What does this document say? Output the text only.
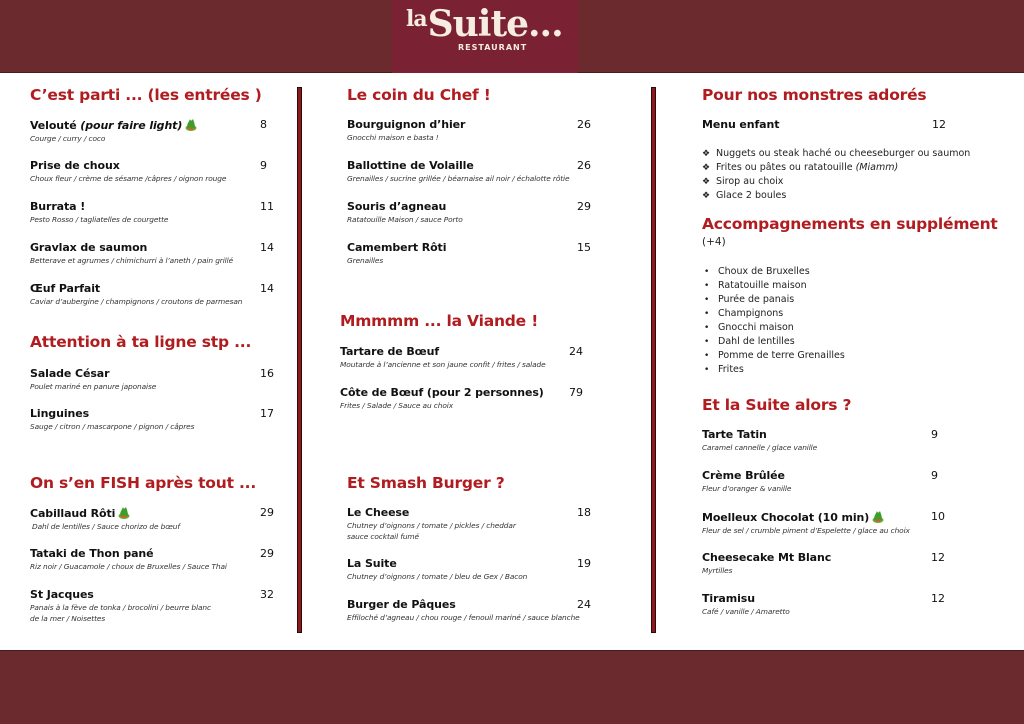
laSuite...
RESTAURANT
C’est parti ... (les entrées )
Velouté (pour faire light)
Courge / curry / coco
8
Prise de choux
Choux fleur / crème de sésame /câpres / oignon rouge
9
Burrata !
Pesto Rosso / tagliatelles de courgette
11
Gravlax de saumon
Betterave et agrumes / chimichurri à l’aneth / pain grillé
14
Œuf Parfait
Caviar d’aubergine / champignons / croutons de parmesan
14
Attention à ta ligne stp ...
Salade César
Poulet mariné en panure japonaise
16
Linguines
Sauge / citron / mascarpone / pignon / câpres
17
On s’en FISH après tout ...
Cabillaud Rôti
Dahl de lentilles / Sauce chorizo de bœuf
29
Tataki de Thon pané
Riz noir / Guacamole / choux de Bruxelles / Sauce Thai
29
St Jacques
Panais à la fève de tonka / brocolini / beurre blanc
de la mer / Noisettes
32
Le coin du Chef !
Bourguignon d’hier
Gnocchi maison e basta !
26
Ballottine de Volaille
Grenailles / sucrine grillée / béarnaise ail noir / échalotte rôtie
26
Souris d’agneau
Ratatouille Maison / sauce Porto
29
Camembert Rôti
Grenailles
15
Mmmmm ... la Viande !
Tartare de Bœuf
Moutarde à l’ancienne et son jaune confit / frites / salade
24
Côte de Bœuf (pour 2 personnes)
Frites / Salade / Sauce au choix
79
Et Smash Burger ?
Le Cheese
Chutney d’oignons / tomate / pickles / cheddar
sauce cocktail fumé
18
La Suite
Chutney d’oignons / tomate / bleu de Gex / Bacon
19
Burger de Pâques
Effiloché d’agneau / chou rouge / fenouil mariné / sauce blanche
24
Pour nos monstres adorés
Menu enfant	12
❖ Nuggets ou steak haché ou cheeseburger ou saumon
❖ Frites ou pâtes ou ratatouille (Miamm)
❖ Sirop au choix
❖ Glace 2 boules
Accompagnements en supplément
(+4)
• Choux de Bruxelles
• Ratatouille maison
• Purée de panais
• Champignons
• Gnocchi maison
• Dahl de lentilles
• Pomme de terre Grenailles
• Frites
Et la Suite alors ?
Tarte Tatin
Caramel cannelle / glace vanille
9
Crème Brûlée
Fleur d’oranger & vanille
9
Moelleux Chocolat (10 min)
Fleur de sel / crumble piment d’Espelette / glace au choix
10
Cheesecake Mt Blanc
Myrtilles
12
Tiramisu
Café / vanille / Amaretto
12
